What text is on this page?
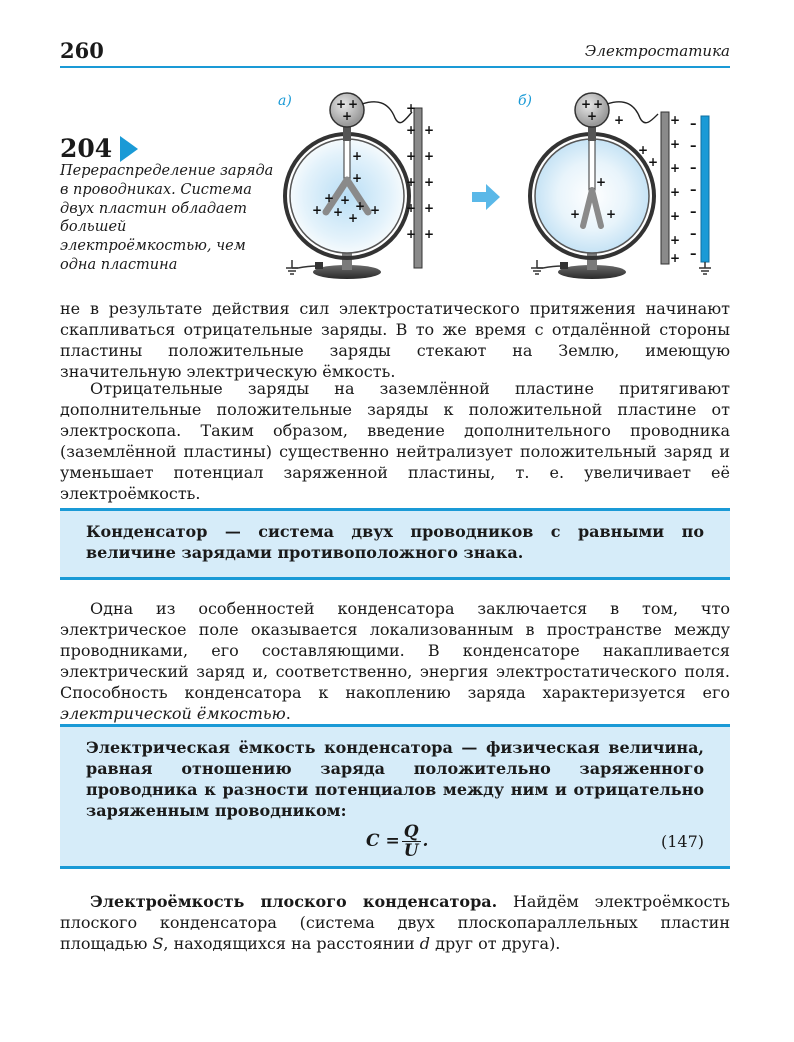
260	Электростатика
204
Перераспределение заряда в проводниках. Система двух пластин обладает большей электроёмкостью, чем одна пластина
а)	б)
+ +
+
+
+
+ + +
+
+
+
+
+
+ +
+ +
+ +
+ +
+ +
+ +
+ +
+
+ +
+
+
+
+
+
+
+
+
+
–
–
–
–
–
–
–

не в результате действия сил электростатического притяжения начинают скапливаться отрицательные заряды. В то же время с отдалённой стороны пластины положительные заряды стекают на Землю, имеющую значительную электрическую ёмкость.

Отрицательные заряды на заземлённой пластине притягивают дополнительные положительные заряды к положительной пластине от электроскопа. Таким образом, введение дополнительного проводника (заземлённой пластины) существенно нейтрализует положительный заряд и уменьшает потенциал заряженной пластины, т. е. увеличивает её электроёмкость.

Конденсатор — система двух проводников с равными по величине зарядами противоположного знака.

Одна из особенностей конденсатора заключается в том, что электрическое поле оказывается локализованным в пространстве между проводниками, его составляющими. В конденсаторе накапливается электрический заряд и, соответственно, энергия электростатического поля. Способность конденсатора к накоплению заряда характеризуется его электрической ёмкостью.

Электрическая ёмкость конденсатора — физическая величина, равная отношению заряда положительно заряженного проводника к разности потенциалов между ним и отрицательно заряженным проводником:
$C = \frac{Q}{U}$ .	(147)

Электроёмкость плоского конденсатора. Найдём электроёмкость плоского конденсатора (система двух плоскопараллельных пластин площадью S, находящихся на расстоянии d друг от друга).
